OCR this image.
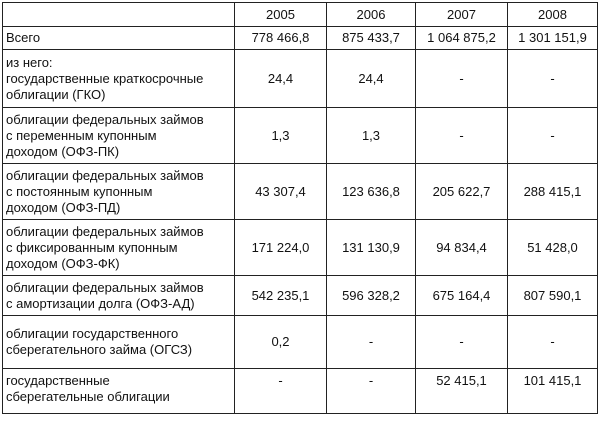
	2005	2006	2007	2008

Всего	778 466,8	875 433,7	1 064 875,2	1 301 151,9

из него:
государственные краткосрочные
облигации (ГКО)	24,4	24,4	-	-

облигации федеральных займов
с переменным купонным
доходом (ОФЗ-ПК)	1,3	1,3	-	-

облигации федеральных займов
с постоянным купонным
доходом (ОФЗ-ПД)	43 307,4	123 636,8	205 622,7	288 415,1

облигации федеральных займов
с фиксированным купонным
доходом (ОФЗ-ФК)	171 224,0	131 130,9	94 834,4	51 428,0

облигации федеральных займов
с амортизации долга (ОФЗ-АД)	542 235,1	596 328,2	675 164,4	807 590,1

облигации государственного
сберегательного займа (ОГСЗ)	0,2	-	-	-

государственные
сберегательные облигации	-	-	52 415,1	101 415,1
